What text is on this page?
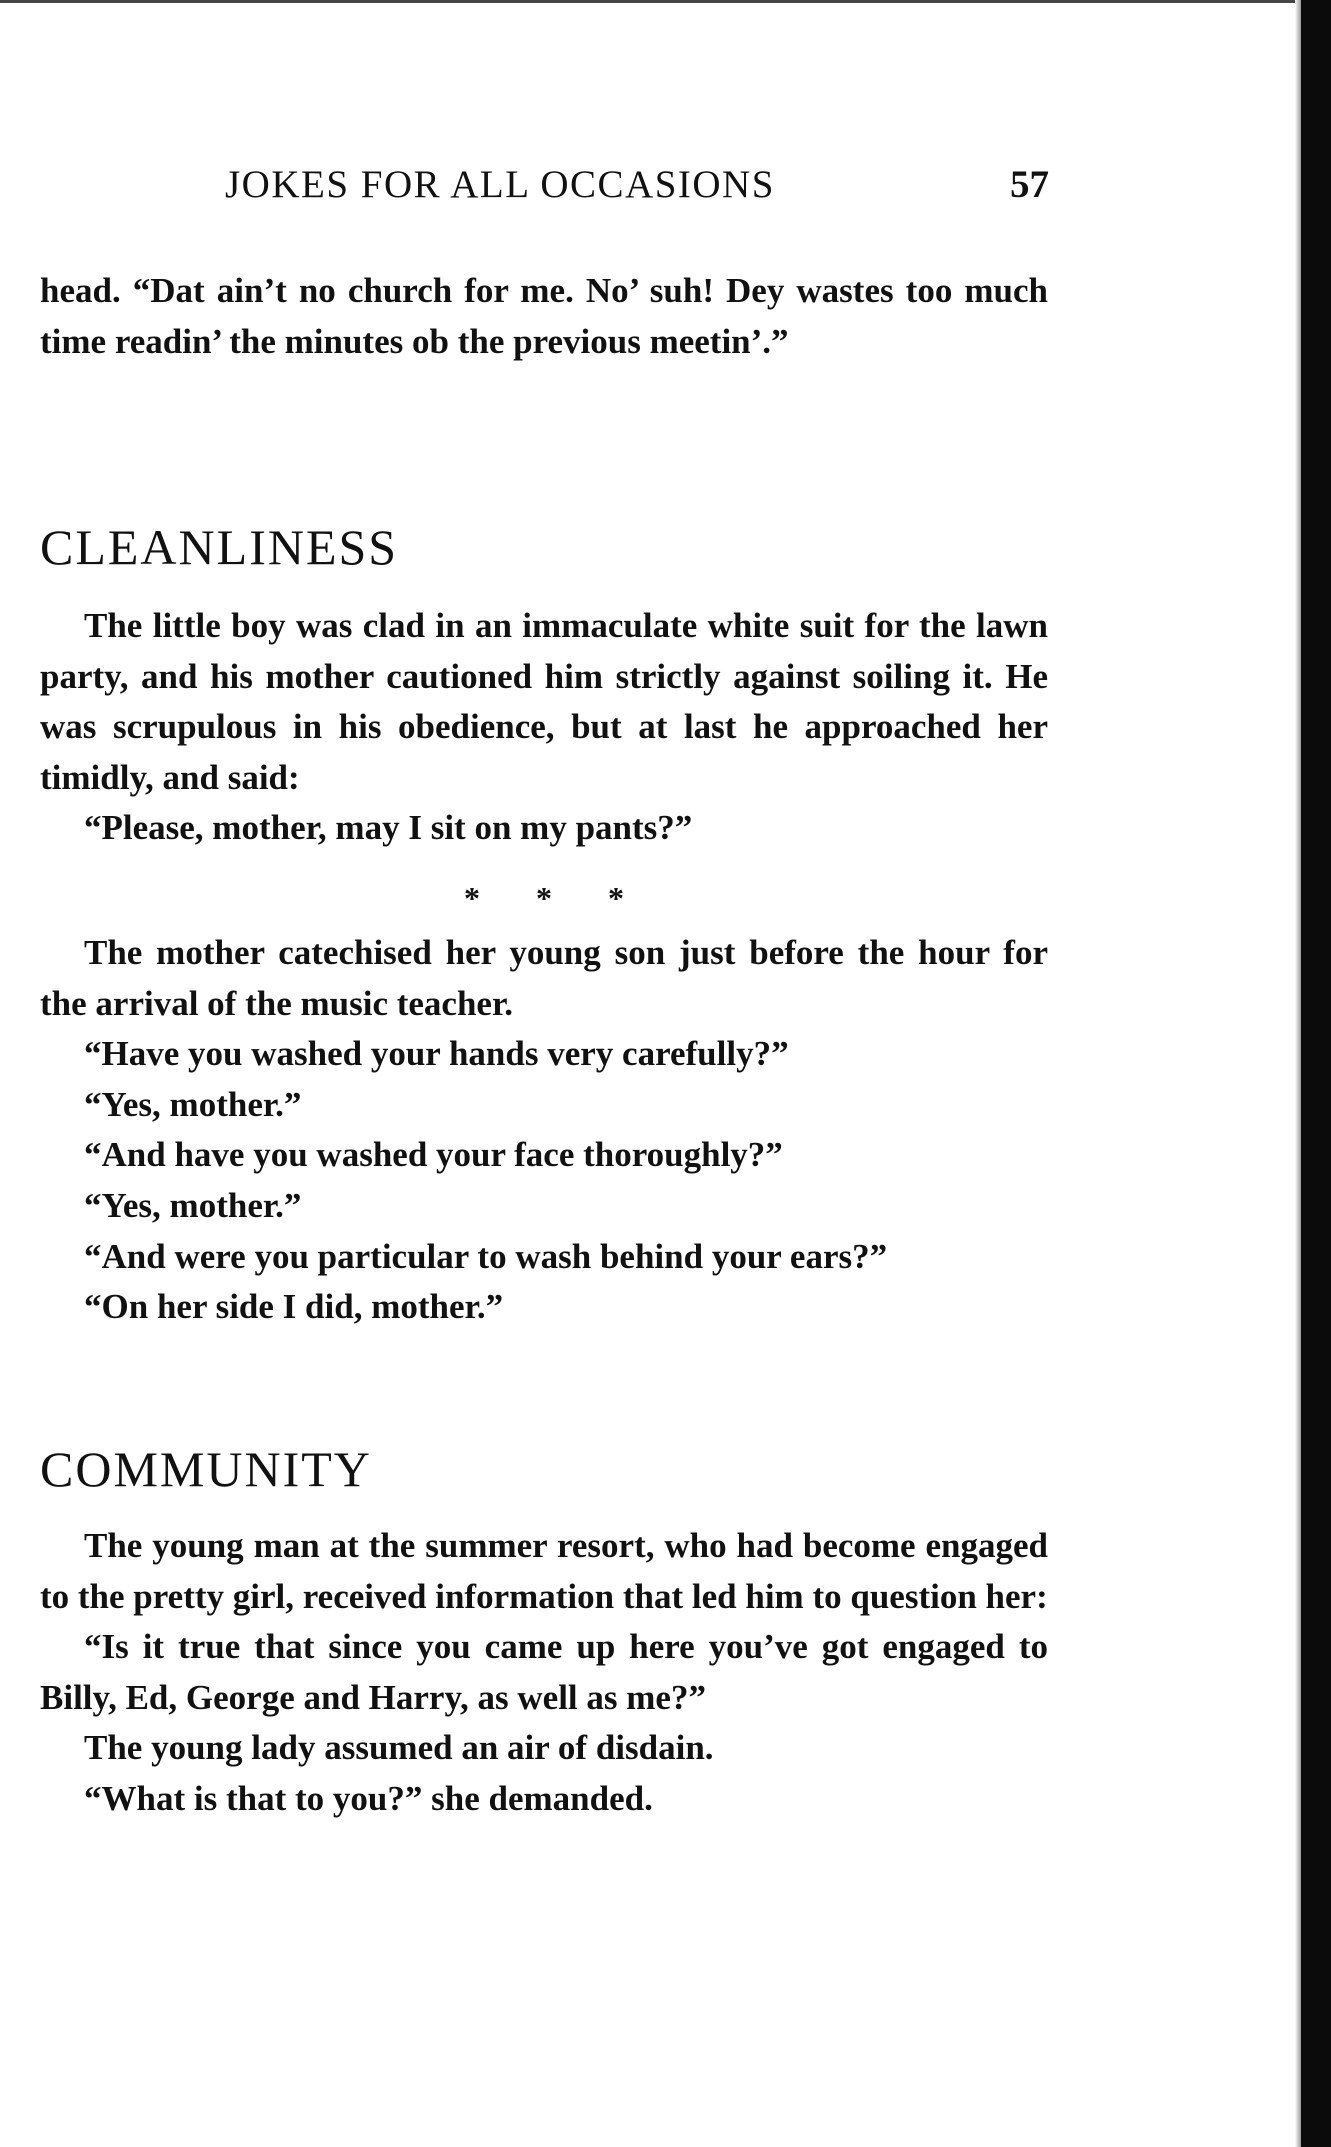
JOKES FOR ALL OCCASIONS	57

head. “Dat ain’t no church for me. No’ suh! Dey wastes too much time readin’ the minutes ob the previous meetin’.”

CLEANLINESS

The little boy was clad in an immaculate white suit for the lawn party, and his mother cautioned him strictly against soiling it. He was scrupulous in his obedience, but at last he approached her timidly, and said:

“Please, mother, may I sit on my pants?”

* * *

The mother catechised her young son just before the hour for the arrival of the music teacher.

“Have you washed your hands very carefully?”

“Yes, mother.”

“And have you washed your face thoroughly?”

“Yes, mother.”

“And were you particular to wash behind your ears?”

“On her side I did, mother.”

COMMUNITY

The young man at the summer resort, who had become engaged to the pretty girl, received information that led him to question her:

“Is it true that since you came up here you’ve got engaged to Billy, Ed, George and Harry, as well as me?”

The young lady assumed an air of disdain.

“What is that to you?” she demanded.
